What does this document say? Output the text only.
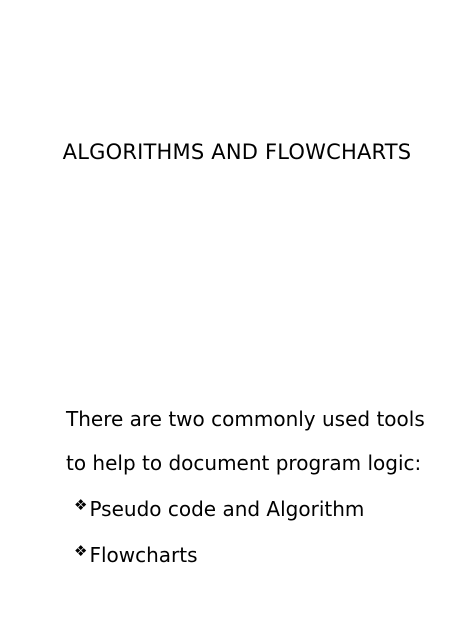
ALGORITHMS AND FLOWCHARTS
There are two commonly used tools
to help to document program logic:
❖ Pseudo code and Algorithm
❖ Flowcharts
